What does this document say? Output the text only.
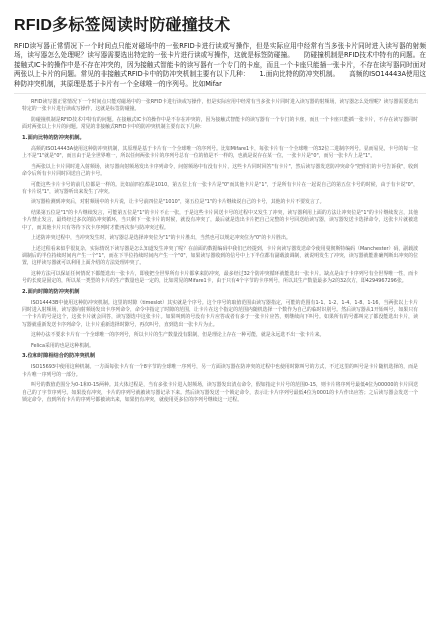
RFID多标签阅读时防碰撞技术
RFID读写器正常情况下一个时间点只能对磁场中的一张RFID卡进行读或写操作，但是实际应用中经常有当多张卡片同时进入读写器的射频场，读写器怎么处理呢？读写器需要选出特定的一张卡片进行读或写操作，这就是标签防碰撞。　　防碰撞机制是RFID技术中特有的问题。在接触式IC卡的操作中是不存在冲突的，因为接触式智能卡的读写器有一个专门的卡座，而且一个卡座只能插一张卡片，不存在读写器同时面对两张以上卡片的问题。常见的非接触式RFID卡中的防冲突机制主要有以下几种：　　1.面向比特的防冲突机制。　　高频的ISO14443A使用这种防冲突机制，其原理是基于卡片有一个全球唯一的序列号。比如Mifar
RFID读写器正常情况下一个时间点只能对磁场中的一张RFID卡进行读或写操作，但是实际应用中经常有当多张卡片同时进入读写器的射频场，读写器怎么处理呢？读写器需要选出特定的一张卡片进行读或写操作，这就是标签防碰撞。
防碰撞机制是RFID技术中特有的问题。在接触式IC卡的操作中是不存在冲突的，因为接触式智能卡的读写器有一个专门的卡座，而且一个卡座只能插一张卡片，不存在读写器同时面对两张以上卡片的问题。常见的非接触式RFID卡中的防冲突机制主要有以下几种：
1.面向比特的防冲突机制。
高频的ISO14443A使用这种防冲突机制，其原理是基于卡片有一个全球唯一的序列号。比如Mifare1卡，每张卡片有一个全球唯一的32位二进制序列号。显而易见，卡号的每一位上不是"1"就是"0"，而且由于是全世界唯一，所以任何两张卡片的序列号总有一位的值是不一样的，也就是说存在某一位，一张卡片是"0"，而另一张卡片上是"1"。
当两张以上卡片同时进入射频场，读写器向射频场发出卡序列命令，问射频场中有没有卡片，这些卡片同时回答"有卡片"，然后读写器发送防冲突命令"把你们的卡号告诉我"，收到命令后所有卡片同时回送自己的卡号。
可能这些卡片卡号的前几位都是一样的。比如前四位都是1010，第五位上有一张卡片是"0"而其他卡片是"1"，于是所有卡片在一起说自己的第五位卡号的时候，由于有卡说"0"，有卡片说"1"，读写器听出来发生了冲突。
读写器检测到冲突后，对射频场中的卡片说，让卡号前四位是"1010"，第五位是"1"的卡片继续说自己的卡号，其他的卡片不要发言了。
结果第五位是"1"的卡片继续发言，可能第五位是"1"的卡片不止一张，于是这些卡片回送卡号的过程中又发生了冲突，读写器利用上面的方法让冲突位是"1"的卡片继续发言，其他卡片禁止发言，最终经过多次的防冲突循环，当只剩下一张卡片的时候，就没有冲突了，最后就是选出卡片把自己完整的卡号回送给读写器，读写器发送卡选择命令，这张卡片就被选中了，而其他卡片只有等待下次卡序列时才能再次参与防冲突过程。
上述防冲突过程中，当冲突发生时，读写器总是选择冲突位为"1"的卡片胜出，当然也可以规定冲突位为"0"的卡片胜出。
上述过程看来似乎很复杂，实际情况下读写器是怎么知道发生冲突了呢？在前面的数据编码中我们已经提到，卡片向读写器发送命令使用曼彻斯特编码（Manchester）码，副载波调制后的半位持续时间内产生一个"1"，而在下半位持续时间内产生一个"0"，如果读写器收到的信号中上下半位都有副载波调制，就说明发生了冲突，读写器就能准确判断出冲突的位置，这样读写器就可以利用上面介绍的方法处理冲突了。
这种方法可以保证任何情况下都能选出一张卡片，即使把全世界所有卡片都拿来防冲突，最多经过32个防冲突循环就能选出一张卡片。缺点是由于卡序列号有全世界唯一性，而卡号的长度是固定的，所以某一类型的卡片的生产数量也是一定的，比如常见的Mifare1卡，由于只有4个字节的卡序列号，所以其生产数量最多为2的32次方，即4294967296张。
2.面向时隙的防冲突机制
ISO14443B中使用这种防冲突机制。这里的时隙（timeslot）其实就是个序号。这个序号的取值范围由读写器指定，可能的范围有1-1、1-2、1-4、1-8、1-16，当两张以上卡片同时进入射频场，读写器向射频场发出卡序列命令，命令中指定了时隙的范围，让卡片在这个指定的范围内随机选择一个数作为自己的临时识别号。然后读写器从1开始叫号，如果只有一个卡片的号是这个，这张卡片就会回答，读写器选中这张卡片。如果叫到的号没有卡片应答或者有多于一张卡片应答，则继续向下叫号。如果所有的号都叫完了都没能选出卡片，读写器就重新发送卡序列命令，让卡片重新选择时隙号，再次叫号，直到选出一张卡片为止。
这种办法不要求卡片有一个全球唯一的序列号，所以卡片的生产数量没有限制，但是理论上存在一种可能，就是永远选不出一张卡片来。
Felica采用的也是这种机制。
3.位和时隙相结合的防冲突机制
ISO15693中使用这种机制。一方面每张卡片有一个8字节的全球唯一序列号，另一方面读写器在防冲突的过程中也使用时隙叫号的方式，不过这里的叫号是卡片随机选择的，而是卡片唯一序列号的一部分。
叫号的数值范围分为0-1和0-15两种。其大体过程是，当有多张卡片进入射频场，读写器发出清点命令，假如指定卡片号的范围0-15，则卡片将序列号最低4位为00000的卡片回送自己的了字节序列号。如果没有冲突，卡片的序列号就被读写器记录下来。然后读写器发送一个锁定命令，表示让卡片序列号最低4位为0001的卡片作出应答；之后读写器会发送一个锁定命令，直到所有卡片的序列号都被读出来，如果仍有冲突，就使用更多位的序列号继续这一过程。
